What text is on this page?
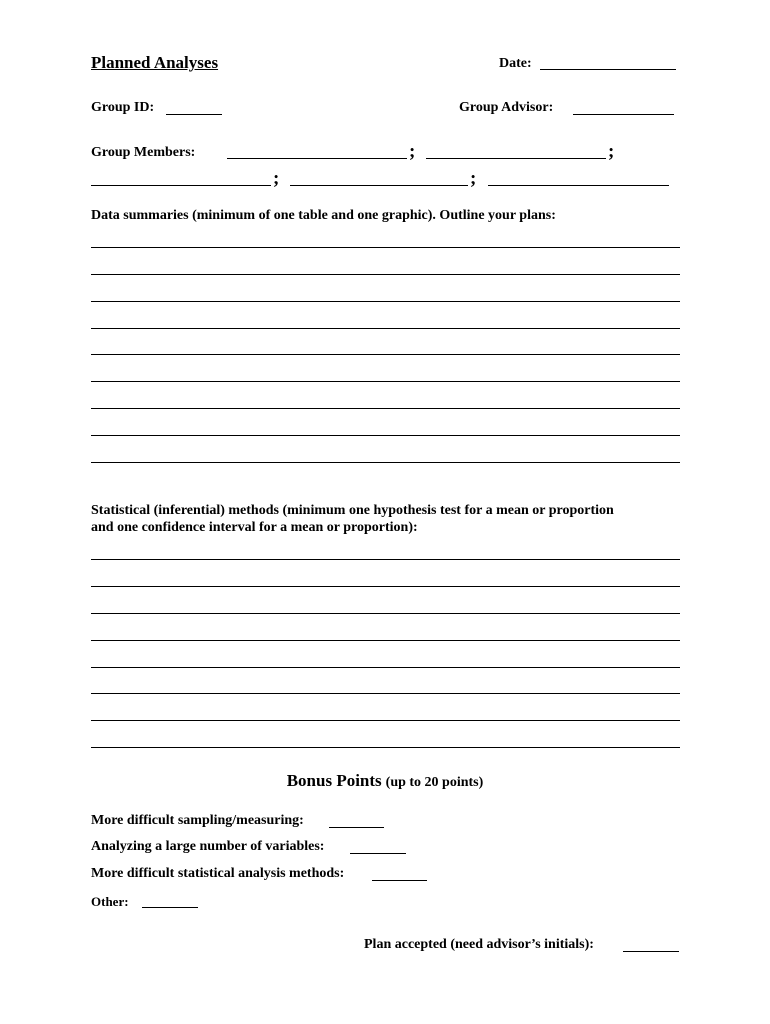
Planned Analyses	Date:
Group ID:	Group Advisor:
Group Members:	;	;
;	;
Data summaries (minimum of one table and one graphic). Outline your plans:
Statistical (inferential) methods (minimum one hypothesis test for a mean or proportion
and one confidence interval for a mean or proportion):
Bonus Points (up to 20 points)
More difficult sampling/measuring:
Analyzing a large number of variables:
More difficult statistical analysis methods:
Other:
Plan accepted (need advisor’s initials):
